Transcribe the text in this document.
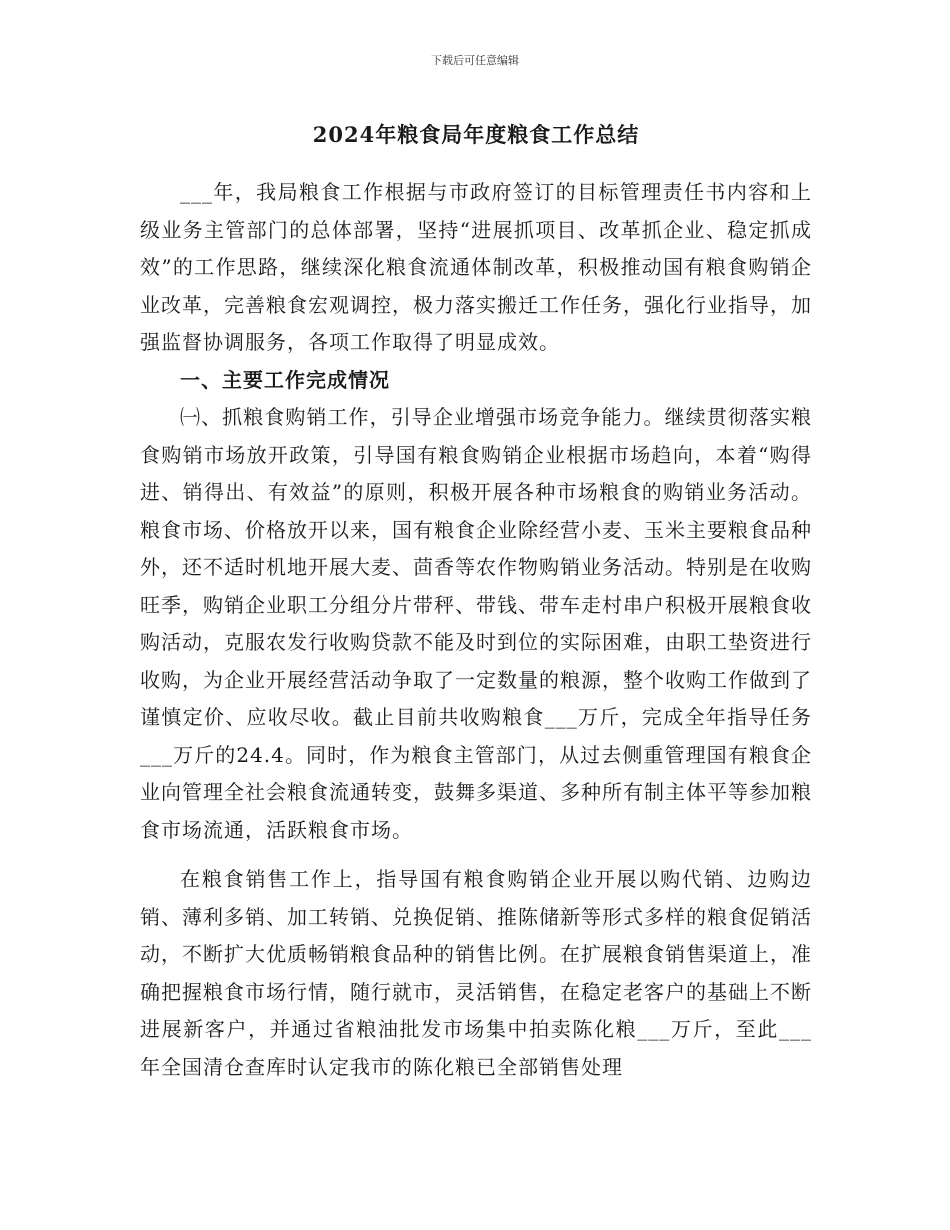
下载后可任意编辑
2024年粮食局年度粮食工作总结

___年，我局粮食工作根据与市政府签订的目标管理责任书内容和上级业务主管部门的总体部署，坚持“进展抓项目、改革抓企业、稳定抓成效”的工作思路，继续深化粮食流通体制改革，积极推动国有粮食购销企业改革，完善粮食宏观调控，极力落实搬迁工作任务，强化行业指导，加强监督协调服务，各项工作取得了明显成效。

一、主要工作完成情况

㈠、抓粮食购销工作，引导企业增强市场竞争能力。继续贯彻落实粮食购销市场放开政策，引导国有粮食购销企业根据市场趋向，本着“购得进、销得出、有效益”的原则，积极开展各种市场粮食的购销业务活动。粮食市场、价格放开以来，国有粮食企业除经营小麦、玉米主要粮食品种外，还不适时机地开展大麦、茴香等农作物购销业务活动。特别是在收购旺季，购销企业职工分组分片带秤、带钱、带车走村串户积极开展粮食收购活动，克服农发行收购贷款不能及时到位的实际困难，由职工垫资进行收购，为企业开展经营活动争取了一定数量的粮源，整个收购工作做到了谨慎定价、应收尽收。截止目前共收购粮食___万斤，完成全年指导任务___万斤的24.4。同时，作为粮食主管部门，从过去侧重管理国有粮食企业向管理全社会粮食流通转变，鼓舞多渠道、多种所有制主体平等参加粮食市场流通，活跃粮食市场。

在粮食销售工作上，指导国有粮食购销企业开展以购代销、边购边销、薄利多销、加工转销、兑换促销、推陈储新等形式多样的粮食促销活动，不断扩大优质畅销粮食品种的销售比例。在扩展粮食销售渠道上，准确把握粮食市场行情，随行就市，灵活销售，在稳定老客户的基础上不断进展新客户，并通过省粮油批发市场集中拍卖陈化粮___万斤，至此___年全国清仓查库时认定我市的陈化粮已全部销售处理
